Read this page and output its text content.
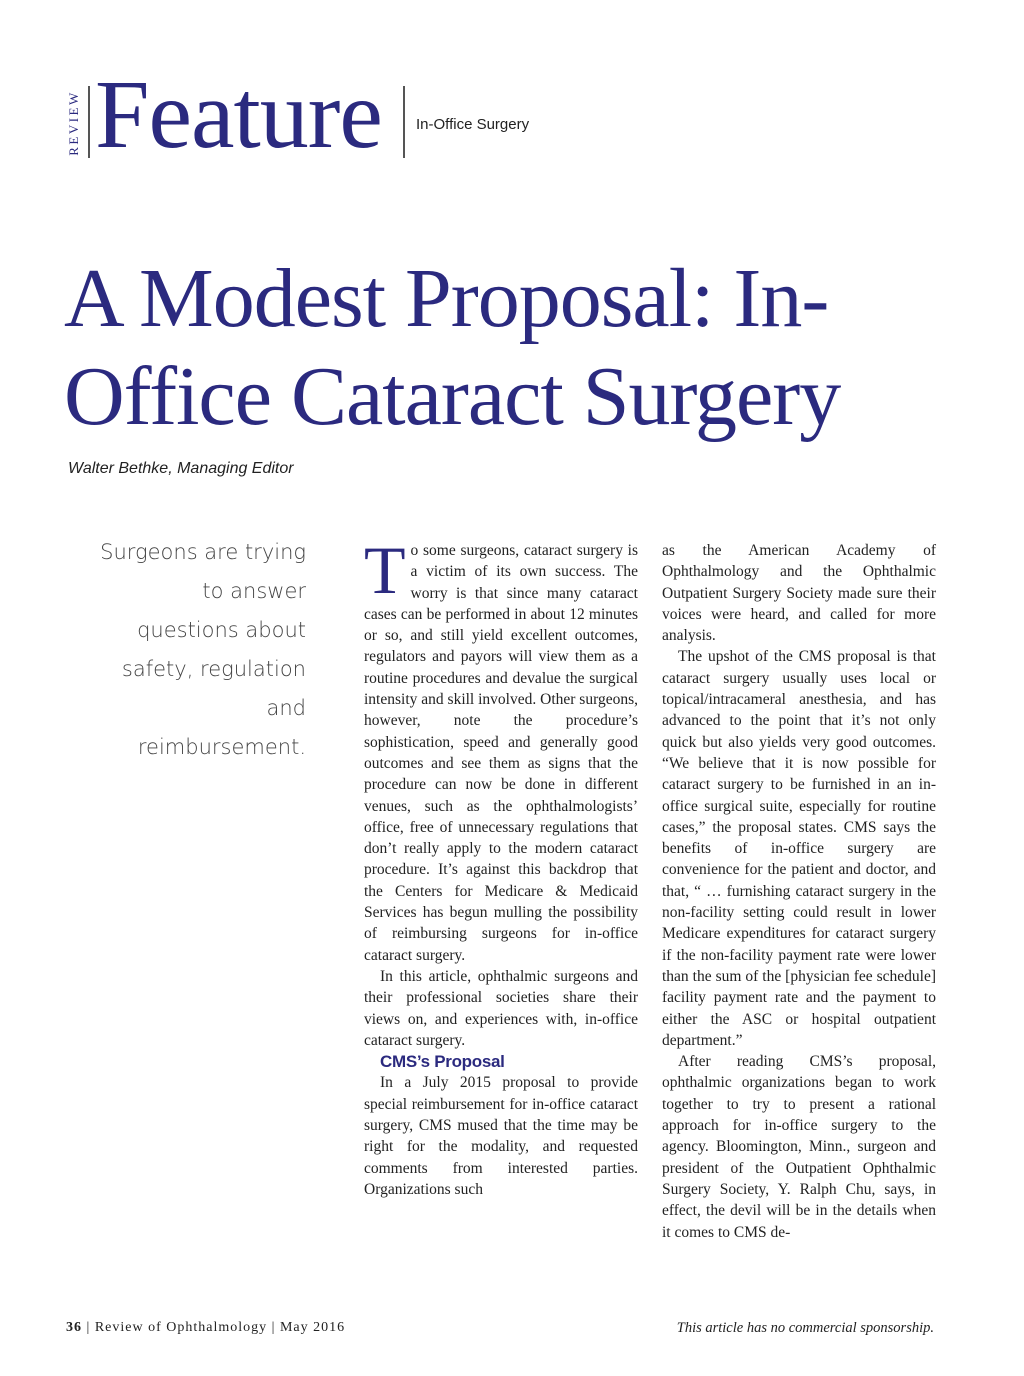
REVIEW Feature In-Office Surgery
A Modest Proposal: In-Office Cataract Surgery
Walter Bethke, Managing Editor

Surgeons are trying to answer questions about safety, regulation and reimbursement.

To some surgeons, cataract surgery is a victim of its own success. The worry is that since many cataract cases can be performed in about 12 minutes or so, and still yield excellent outcomes, regulators and payors will view them as a routine procedures and devalue the surgical intensity and skill involved. Other surgeons, however, note the procedure’s sophistication, speed and generally good outcomes and see them as signs that the procedure can now be done in different venues, such as the ophthalmologists’ office, free of unnecessary regulations that don’t really apply to the modern cataract procedure. It’s against this backdrop that the Centers for Medicare & Medicaid Services has begun mulling the possibility of reimbursing surgeons for in-office cataract surgery.

In this article, ophthalmic surgeons and their professional societies share their views on, and experiences with, in-office cataract surgery.

CMS’s Proposal

In a July 2015 proposal to provide special reimbursement for in-office cataract surgery, CMS mused that the time may be right for the modality, and requested comments from interested parties. Organizations such

as the American Academy of Ophthalmology and the Ophthalmic Outpatient Surgery Society made sure their voices were heard, and called for more analysis.

The upshot of the CMS proposal is that cataract surgery usually uses local or topical/intracameral anesthesia, and has advanced to the point that it’s not only quick but also yields very good outcomes. “We believe that it is now possible for cataract surgery to be furnished in an in-office surgical suite, especially for routine cases,” the proposal states. CMS says the benefits of in-office surgery are convenience for the patient and doctor, and that, “ … furnishing cataract surgery in the non-facility setting could result in lower Medicare expenditures for cataract surgery if the non-facility payment rate were lower than the sum of the [physician fee schedule] facility payment rate and the payment to either the ASC or hospital outpatient department.”

After reading CMS’s proposal, ophthalmic organizations began to work together to try to present a rational approach for in-office surgery to the agency. Bloomington, Minn., surgeon and president of the Outpatient Ophthalmic Surgery Society, Y. Ralph Chu, says, in effect, the devil will be in the details when it comes to CMS de-

36 | Review of Ophthalmology | May 2016	This article has no commercial sponsorship.
